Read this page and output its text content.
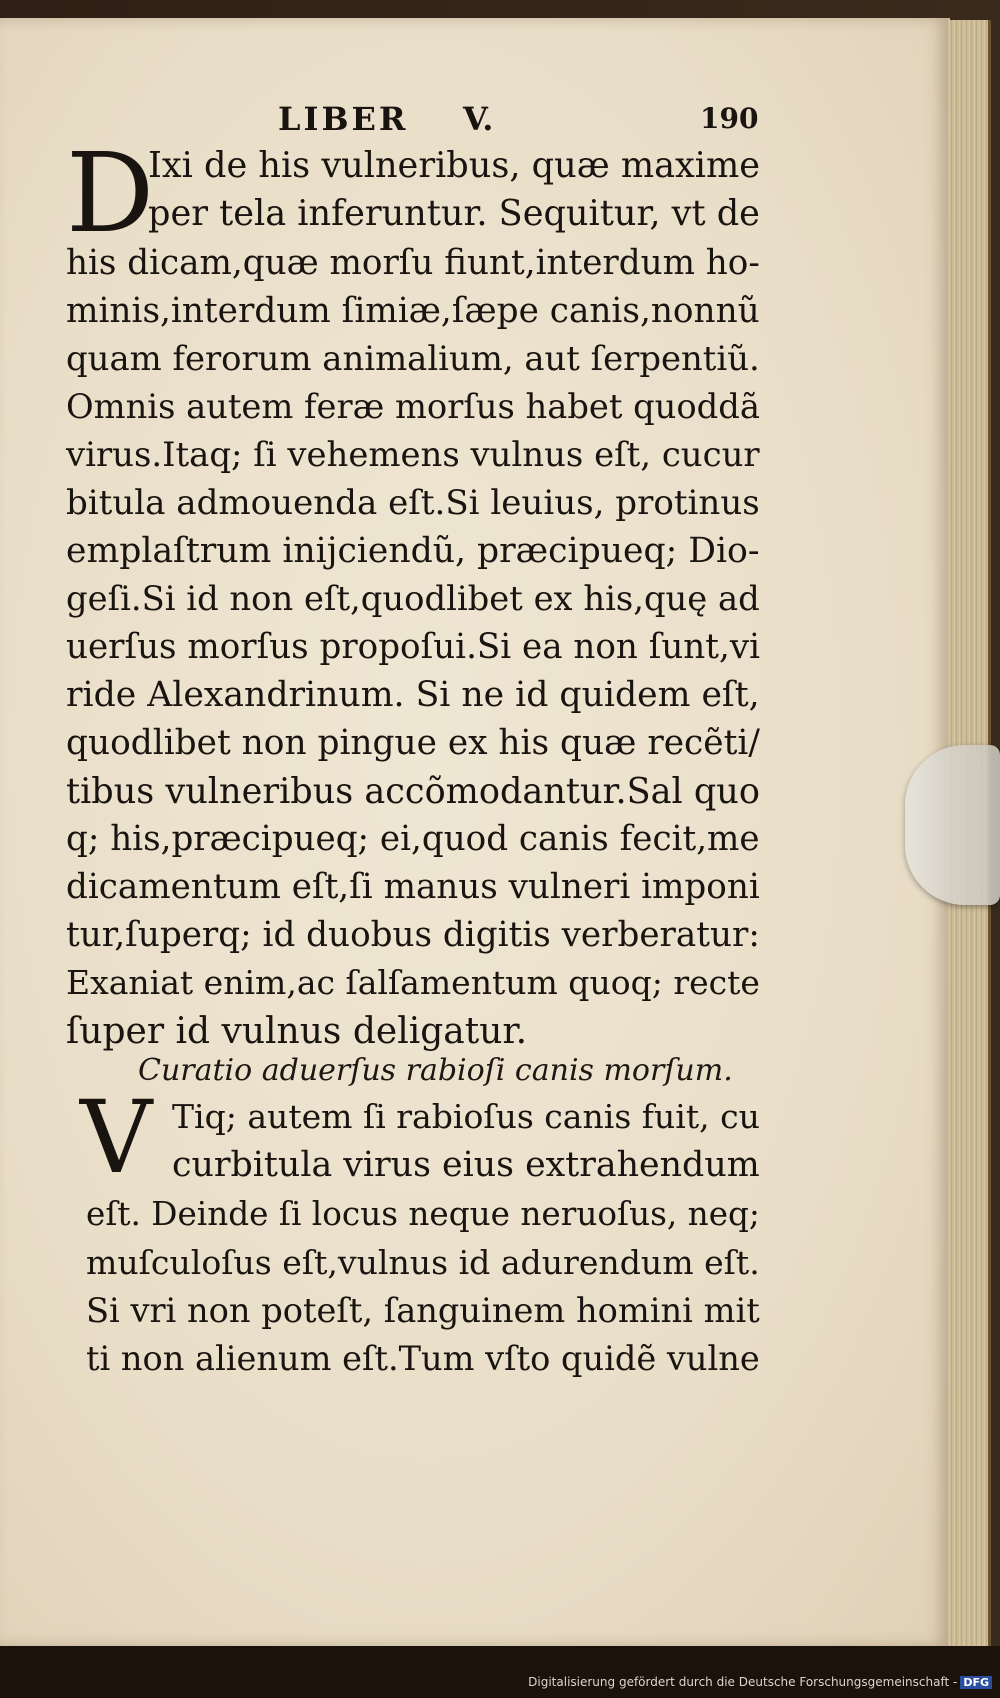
LIBER V.	190
D
Ixi de his vulneribus, quæ maxime
per tela inferuntur. Sequitur, vt de
his dicam,quæ morſu fiunt,interdum ho-
minis,interdum ſimiæ,ſæpe canis,nonnũ
quam ferorum animalium, aut ſerpentiũ.
Omnis autem feræ morſus habet quoddã
virus.Itaq; ſi vehemens vulnus eſt, cucur
bitula admouenda eſt.Si leuius, protinus
emplaſtrum inijciendũ, præcipueq; Dio-
geſi.Si id non eſt,quodlibet ex his,quę ad
uerſus morſus propoſui.Si ea non ſunt,vi
ride Alexandrinum. Si ne id quidem eſt,
quodlibet non pingue ex his quæ recẽti/
tibus vulneribus accõmodantur.Sal quo
q; his,præcipueq; ei,quod canis fecit,me
dicamentum eſt,ſi manus vulneri imponi
tur,ſuperq; id duobus digitis verberatur:
Exaniat enim,ac ſalſamentum quoq; recte
ſuper id vulnus deligatur.
Curatio aduerſus rabioſi canis morſum.
V Tiq; autem ſi rabioſus canis fuit, cu
curbitula virus eius extrahendum
eſt. Deinde ſi locus neque neruoſus, neq;
muſculoſus eſt,vulnus id adurendum eſt.
Si vri non poteſt, ſanguinem homini mit
ti non alienum eſt.Tum vſto quidẽ vulne
Digitalisierung gefördert durch die Deutsche Forschungsgemeinschaft - DFG
